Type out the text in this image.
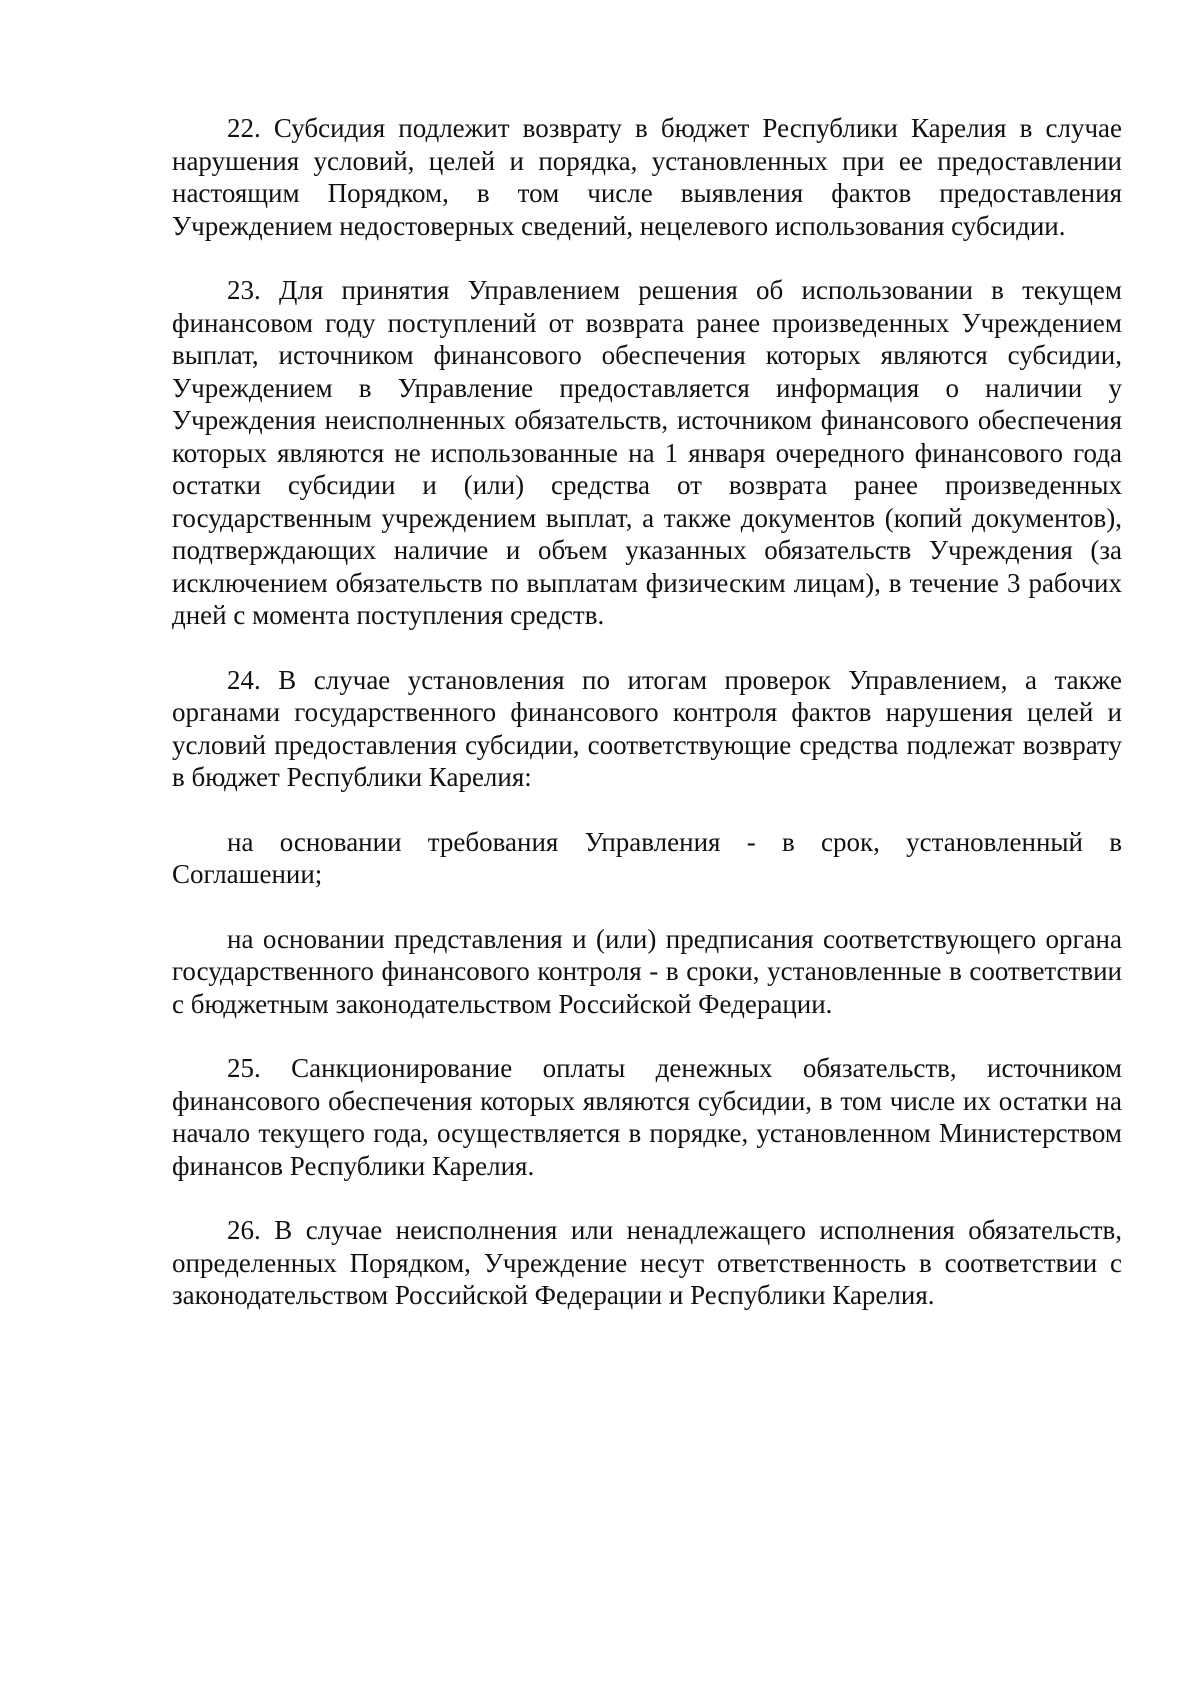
22. Субсидия подлежит возврату в бюджет Республики Карелия в случае нарушения условий, целей и порядка, установленных при ее предоставлении настоящим Порядком, в том числе выявления фактов предоставления Учреждением недостоверных сведений, нецелевого использования субсидии.

23. Для принятия Управлением решения об использовании в текущем финансовом году поступлений от возврата ранее произведенных Учреждением выплат, источником финансового обеспечения которых являются субсидии, Учреждением в Управление предоставляется информация о наличии у Учреждения неисполненных обязательств, источником финансового обеспечения которых являются не использованные на 1 января очередного финансового года остатки субсидии и (или) средства от возврата ранее произведенных государственным учреждением выплат, а также документов (копий документов), подтверждающих наличие и объем указанных обязательств Учреждения (за исключением обязательств по выплатам физическим лицам), в течение 3 рабочих дней с момента поступления средств.

24. В случае установления по итогам проверок Управлением, а также органами государственного финансового контроля фактов нарушения целей и условий предоставления субсидии, соответствующие средства подлежат возврату в бюджет Республики Карелия:

на основании требования Управления - в срок, установленный в Соглашении;

на основании представления и (или) предписания соответствующего органа государственного финансового контроля - в сроки, установленные в соответствии с бюджетным законодательством Российской Федерации.

25. Санкционирование оплаты денежных обязательств, источником финансового обеспечения которых являются субсидии, в том числе их остатки на начало текущего года, осуществляется в порядке, установленном Министерством финансов Республики Карелия.

26. В случае неисполнения или ненадлежащего исполнения обязательств, определенных Порядком, Учреждение несут ответственность в соответствии с законодательством Российской Федерации и Республики Карелия.
